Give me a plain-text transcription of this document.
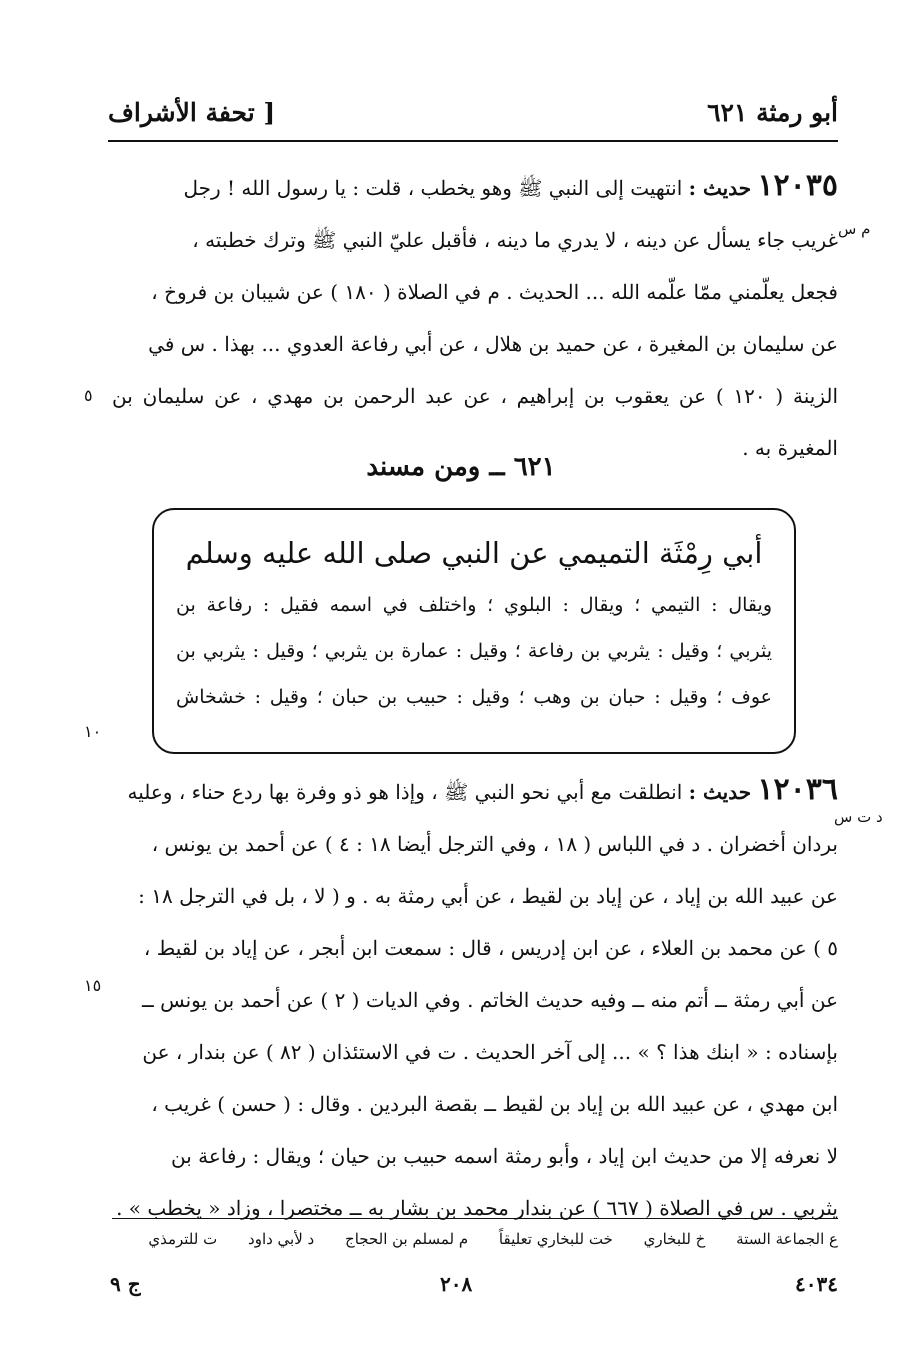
أبو رمثة ٦٢١
[ تحفة الأشراف

١٢٠٣٥ حديث : انتهيت إلى النبي ﷺ وهو يخطب ، قلت : يا رسول الله ! رجل

غريب جاء يسأل عن دينه ، لا يدري ما دينه ، فأقبل عليّ النبي ﷺ وترك خطبته ،

فجعل يعلّمني ممّا علّمه الله ... الحديث . م في الصلاة ( ١٨٠ ) عن شيبان بن فروخ ،

عن سليمان بن المغيرة ، عن حميد بن هلال ، عن أبي رفاعة العدوي ... بهذا . س في

الزينة ( ١٢٠ ) عن يعقوب بن إبراهيم ، عن عبد الرحمن بن مهدي ، عن سليمان بن المغيرة به .

م س
٥
٦٢١ ــ ومن مسند
أبي رِمْثَة التميمي عن النبي صلى الله عليه وسلم
ويقال : التيمي ؛ ويقال : البلوي ؛ واختلف في اسمه فقيل : رفاعة بن
يثربي ؛ وقيل : يثربي بن رفاعة ؛ وقيل : عمارة بن يثربي ؛ وقيل : يثربي بن
عوف ؛ وقيل : حبان بن وهب ؛ وقيل : حبيب بن حبان ؛ وقيل : خشخاش
١٠

١٢٠٣٦ حديث : انطلقت مع أبي نحو النبي ﷺ ، وإذا هو ذو وفرة بها ردع حناء ، وعليه

بردان أخضران . د في اللباس ( ١٨ ، وفي الترجل أيضا ١٨ : ٤ ) عن أحمد بن يونس ،

عن عبيد الله بن إياد ، عن إياد بن لقيط ، عن أبي رمثة به . و ( لا ، بل في الترجل ١٨ :

٥ ) عن محمد بن العلاء ، عن ابن إدريس ، قال : سمعت ابن أبجر ، عن إياد بن لقيط ،

عن أبي رمثة ــ أتم منه ــ وفيه حديث الخاتم . وفي الديات ( ٢ ) عن أحمد بن يونس ــ

بإسناده : « ابنك هذا ؟ » ... إلى آخر الحديث . ت في الاستئذان ( ٨٢ ) عن بندار ، عن

ابن مهدي ، عن عبيد الله بن إياد بن لقيط ــ بقصة البردين . وقال : ( حسن ) غريب ،

لا نعرفه إلا من حديث ابن إياد ، وأبو رمثة اسمه حبيب بن حيان ؛ ويقال : رفاعة بن

يثربي . س في الصلاة ( ٦٦٧ ) عن بندار محمد بن بشار به ــ مختصرا ، وزاد « يخطب » .

د ت س
١٥
ع الجماعة الستة خ للبخاري خت للبخاري تعليقاً م لمسلم بن الحجاج د لأبي داود ت للترمذي
٤٠٣٤
٢٠٨
ج ٩
